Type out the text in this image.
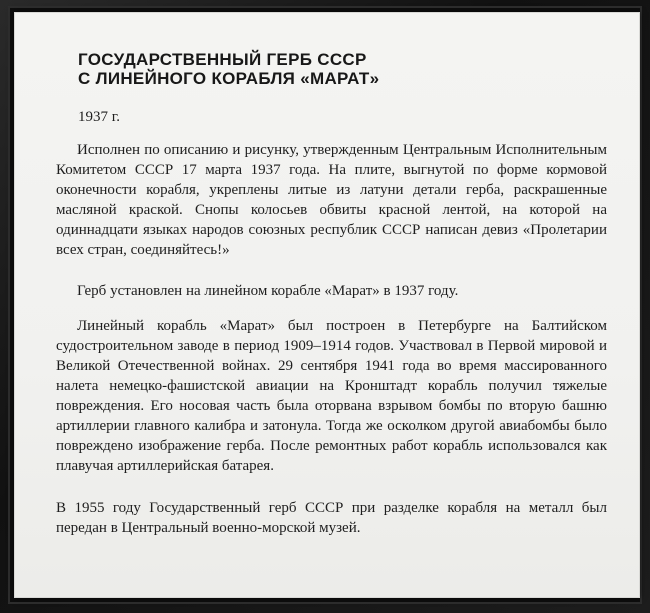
ГОСУДАРСТВЕННЫЙ ГЕРБ СССР
С ЛИНЕЙНОГО КОРАБЛЯ «МАРАТ»
1937 г.

Исполнен по описанию и рисунку, утвержденным Центральным Исполнительным Комитетом СССР 17 марта 1937 года. На плите, выгнутой по форме кормовой оконечности корабля, укреплены литые из латуни детали герба, раскрашенные масляной краской. Снопы колосьев обвиты красной лентой, на которой на одиннадцати языках народов союзных республик СССР написан девиз «Пролетарии всех стран, соединяйтесь!»

Герб установлен на линейном корабле «Марат» в 1937 году.

Линейный корабль «Марат» был построен в Петербурге на Балтийском судостроительном заводе в период 1909–1914 годов. Участвовал в Первой мировой и Великой Отечественной войнах. 29 сентября 1941 года во время массированного налета немецко-фашистской авиации на Кронштадт корабль получил тяжелые повреждения. Его носовая часть была оторвана взрывом бомбы по вторую башню артиллерии главного калибра и затонула. Тогда же осколком другой авиабомбы было повреждено изображение герба. После ремонтных работ корабль использовался как плавучая артиллерийская батарея.

В 1955 году Государственный герб СССР при разделке корабля на металл был передан в Центральный военно-морской музей.
